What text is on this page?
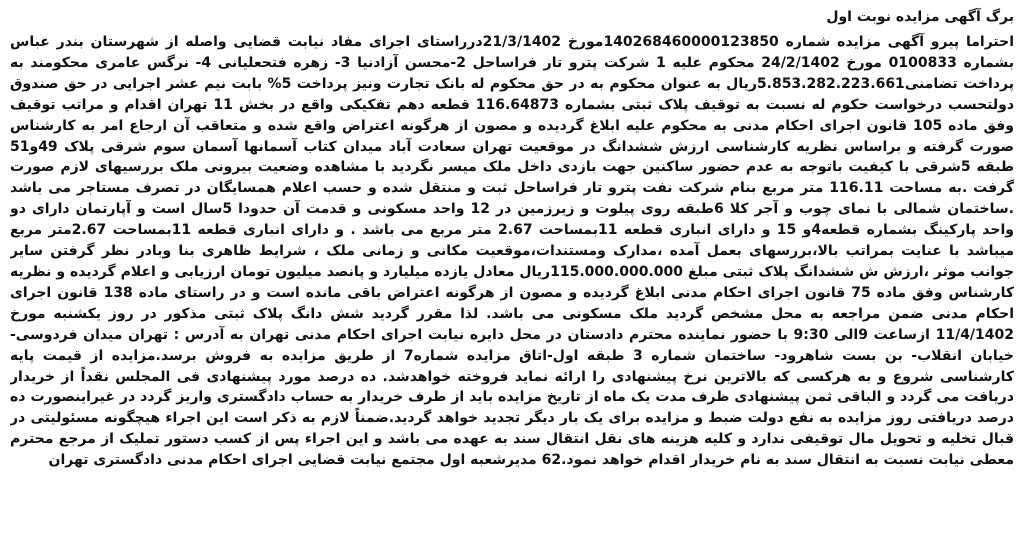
برگ آگهی مزایده نوبت اول

احتراما پیرو آگهی مزایده شماره 140268460000123850مورخ 21/3/1402درراستای اجرای مفاد نیابت قضایی واصله از شهرستان بندر عباس بشماره 0100833 مورخ 24/2/1402 محکوم علیه 1 شرکت پترو تار فراساحل 2-محسن آزادنیا 3- زهره فتحعلیانی 4- نرگس عامری محکومند به پرداخت تضامنی5.853.282.223.661ریال به عنوان محکوم به در حق محکوم له بانک تجارت ونیز پرداخت 5% بابت نیم عشر اجرایی در حق صندوق دولتحسب درخواست حکوم له نسبت به توقیف پلاک ثبتی بشماره 116.64873 قطعه دهم تفکیکی واقع در بخش 11 تهران اقدام و مراتب توقیف وفق ماده 105 قانون اجرای احکام مدنی به محکوم علیه ابلاغ گردیده و مصون از هرگونه اعتراض واقع شده و متعاقب آن ارجاع امر به کارشناس صورت گرفته و براساس نظریه کارشناسی ارزش ششدانگ در موقعیت تهران سعادت آباد میدان کتاب آسمانها آسمان سوم شرقی پلاک 49و51 طبقه 5شرقی با کیفیت باتوجه به عدم حضور ساکنین جهت بازدی داخل ملک میسر نگردید با مشاهده وضعیت بیرونی ملک بررسیهای لازم صورت گرفت .به مساحت 116.11 متر مربع بنام شرکت نفت پترو تار فراساحل ثبت و منتقل شده و حسب اعلام همسایگان در تصرف مستاجر می باشد .ساختمان شمالی با نمای چوب و آجر کلا 6طبقه روی پیلوت و زیرزمین در 12 واحد مسکونی و قدمت آن حدودا 5سال است و آپارتمان دارای دو واحد پارکینگ بشماره قطعه4و 15 و دارای انباری قطعه 11بمساحت 2.67 متر مربع می باشد . و دارای انباری قطعه 11بمساحت 2.67متر مربع میباشد با عنایت بمراتب بالا،بررسهای بعمل آمده ،مدارک ومستندات،موقعیت مکانی و زمانی ملک ، شرایط ظاهری بنا وبادر نظر گرفتن سایر جوانب موثر ،ارزش ش ششدانگ پلاک ثبتی مبلغ 115.000.000.000ریال معادل یازده میلیارد و پانصد میلیون تومان ارزیابی و اعلام گردیده و نظریه کارشناس وفق ماده 75 قانون اجرای احکام مدنی ابلاغ گردیده و مصون از هرگونه اعتراض باقی مانده است و در راستای ماده 138 قانون اجرای احکام مدنی ضمن مراجعه به محل مشخص گردید ملک مسکونی می باشد. لذا مقرر گردید شش دانگ پلاک ثبتی مذکور در روز یکشنبه مورخ 11/4/1402 ازساعت 9الی 9:30 با حضور نماینده محترم دادستان در محل دایره نیابت اجرای احکام مدنی تهران به آدرس : تهران میدان فردوسی- خیابان انقلاب- بن بست شاهرود- ساختمان شماره 3 طبقه اول-اتاق مزایده شماره7 از طریق مزایده به فروش برسد.مزایده از قیمت پایه کارشناسی شروع و به هرکسی که بالاترین نرخ پیشنهادی را ارائه نماید فروخته خواهدشد. ده درصد مورد پیشنهادی فی المجلس نقداً از خریدار دریافت می گردد و الباقی ثمن پیشنهادی ظرف مدت یک ماه از تاریخ مزایده باید از طرف خریدار به حساب دادگستری واریز گردد در غیراینصورت ده درصد دریافتی روز مزایده به نفع دولت ضبط و مزایده برای یک بار دیگر تجدید خواهد گردید.ضمناً لازم به ذکر است این اجراء هیچگونه مسئولیتی در قبال تخلیه و تحویل مال توقیفی ندارد و کلیه هزینه های نقل انتقال سند به عهده می باشد و این اجراء پس از کسب دستور تملیک از مرجع محترم معطی نیابت نسبت به انتقال سند به نام خریدار اقدام خواهد نمود.62 مدیرشعبه اول مجتمع نیابت قضایی اجرای احکام مدنی دادگستری تهران
